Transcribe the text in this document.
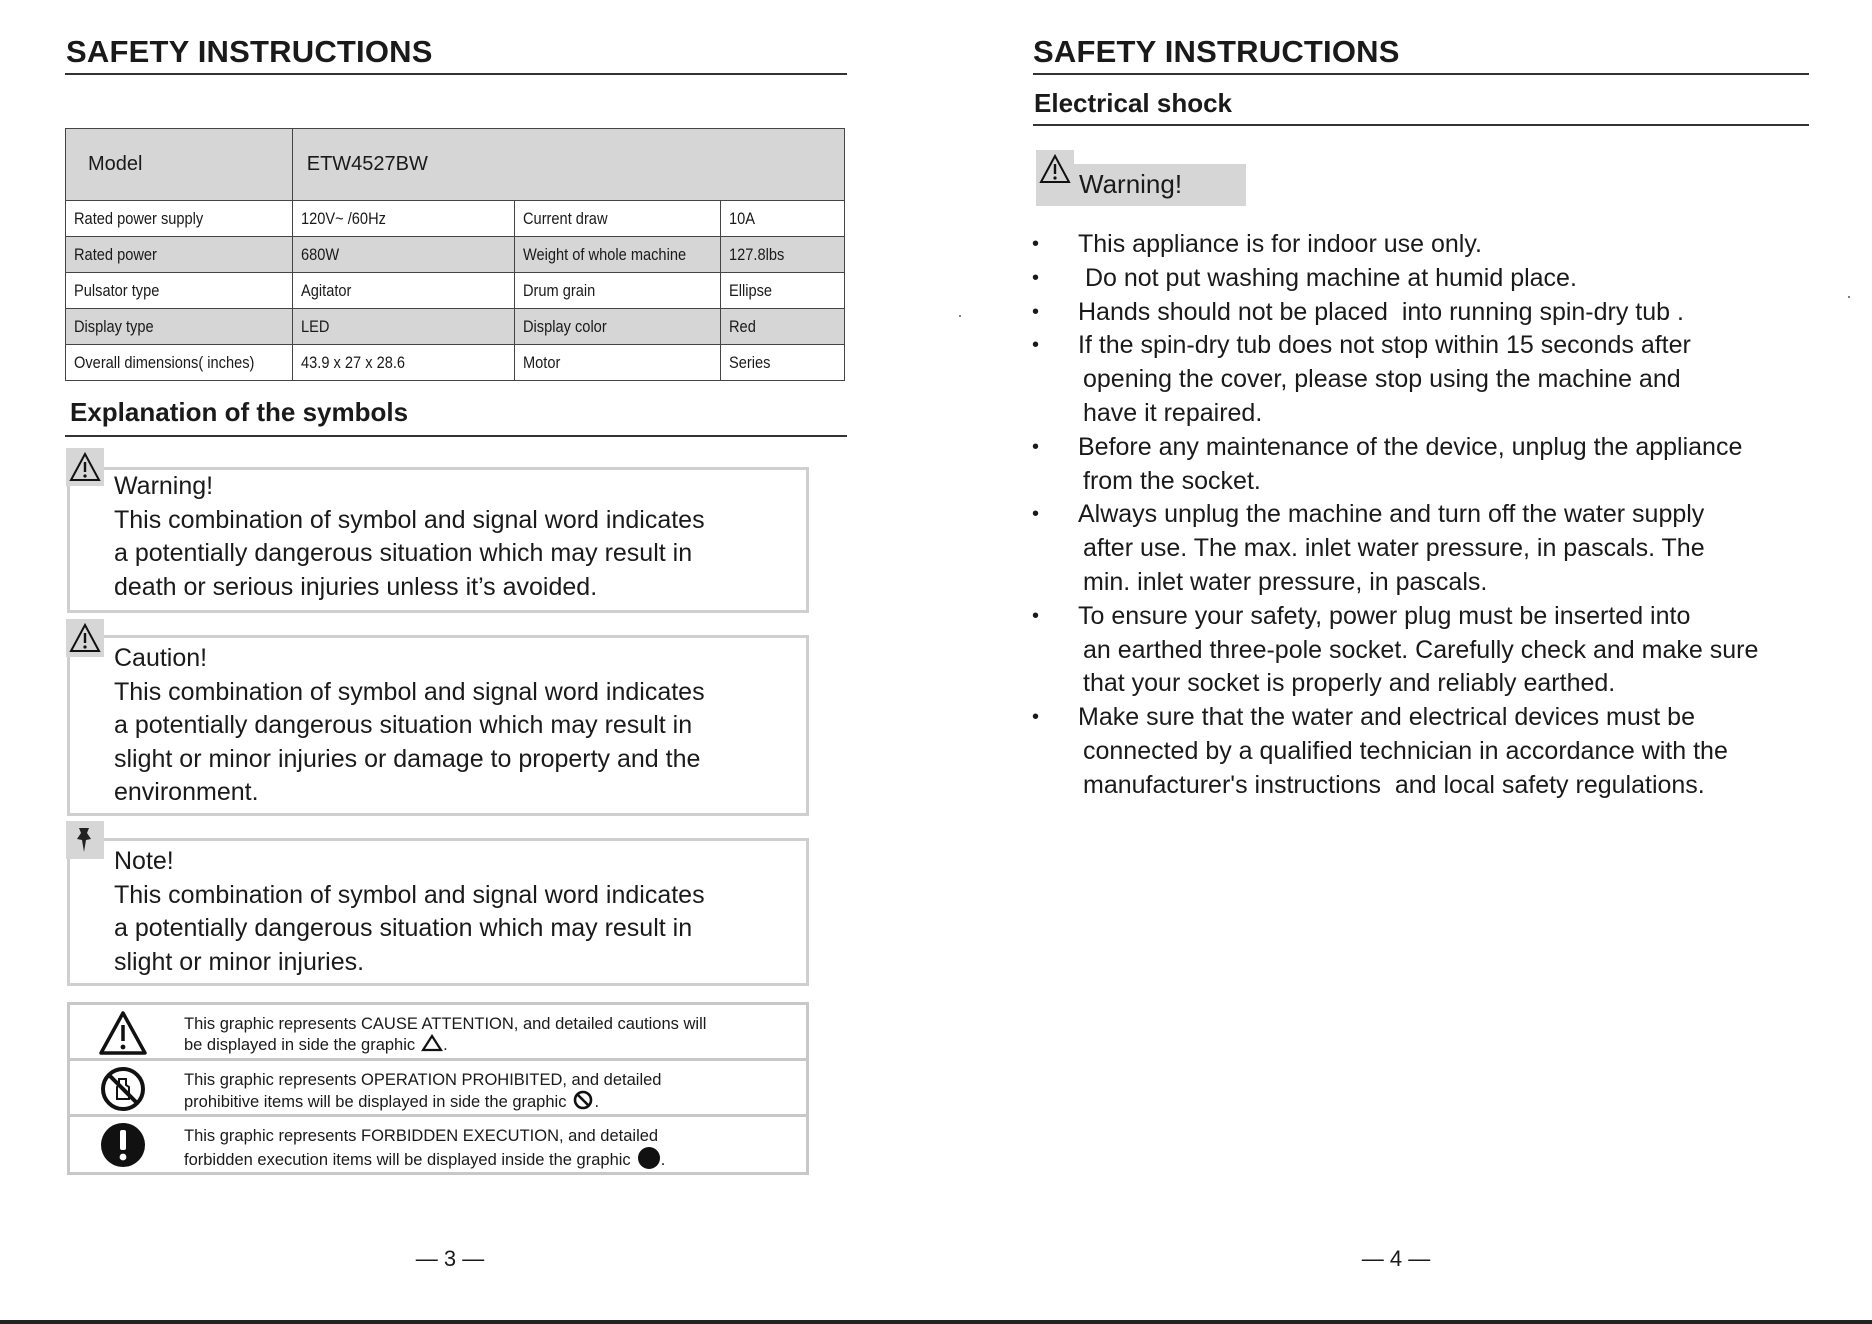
SAFETY INSTRUCTIONS
Model	ETW4527BW		
Rated power supply	120V~ /60Hz	Current draw	10A
Rated power	680W	Weight of whole machine	127.8lbs
Pulsator type	Agitator	Drum grain	Ellipse
Display type	LED	Display color	Red
Overall dimensions( inches)	43.9 x 27 x 28.6	Motor	Series
Explanation of the symbols
Warning!
This combination of symbol and signal word indicates
a potentially dangerous situation which may result in
death or serious injuries unless it’s avoided.
Caution!
This combination of symbol and signal word indicates
a potentially dangerous situation which may result in
slight or minor injuries or damage to property and the
environment.
Note!
This combination of symbol and signal word indicates
a potentially dangerous situation which may result in
slight or minor injuries.
This graphic represents CAUSE ATTENTION, and detailed cautions will
be displayed in side the graphic .
This graphic represents OPERATION PROHIBITED, and detailed
prohibitive items will be displayed in side the graphic .
This graphic represents FORBIDDEN EXECUTION, and detailed
forbidden execution items will be displayed inside the graphic .
— 3 —
SAFETY INSTRUCTIONS
Electrical shock
Warning!
• This appliance is for indoor use only.
•  Do not put washing machine at humid place.
• Hands should not be placed  into running spin-dry tub .
• If the spin-dry tub does not stop within 15 seconds after
opening the cover, please stop using the machine and
have it repaired.
• Before any maintenance of the device, unplug the appliance
from the socket.
• Always unplug the machine and turn off the water supply
after use. The max. inlet water pressure, in pascals. The
min. inlet water pressure, in pascals.
• To ensure your safety, power plug must be inserted into
an earthed three-pole socket. Carefully check and make sure
that your socket is properly and reliably earthed.
• Make sure that the water and electrical devices must be
connected by a qualified technician in accordance with the
manufacturer's instructions  and local safety regulations.
— 4 —
